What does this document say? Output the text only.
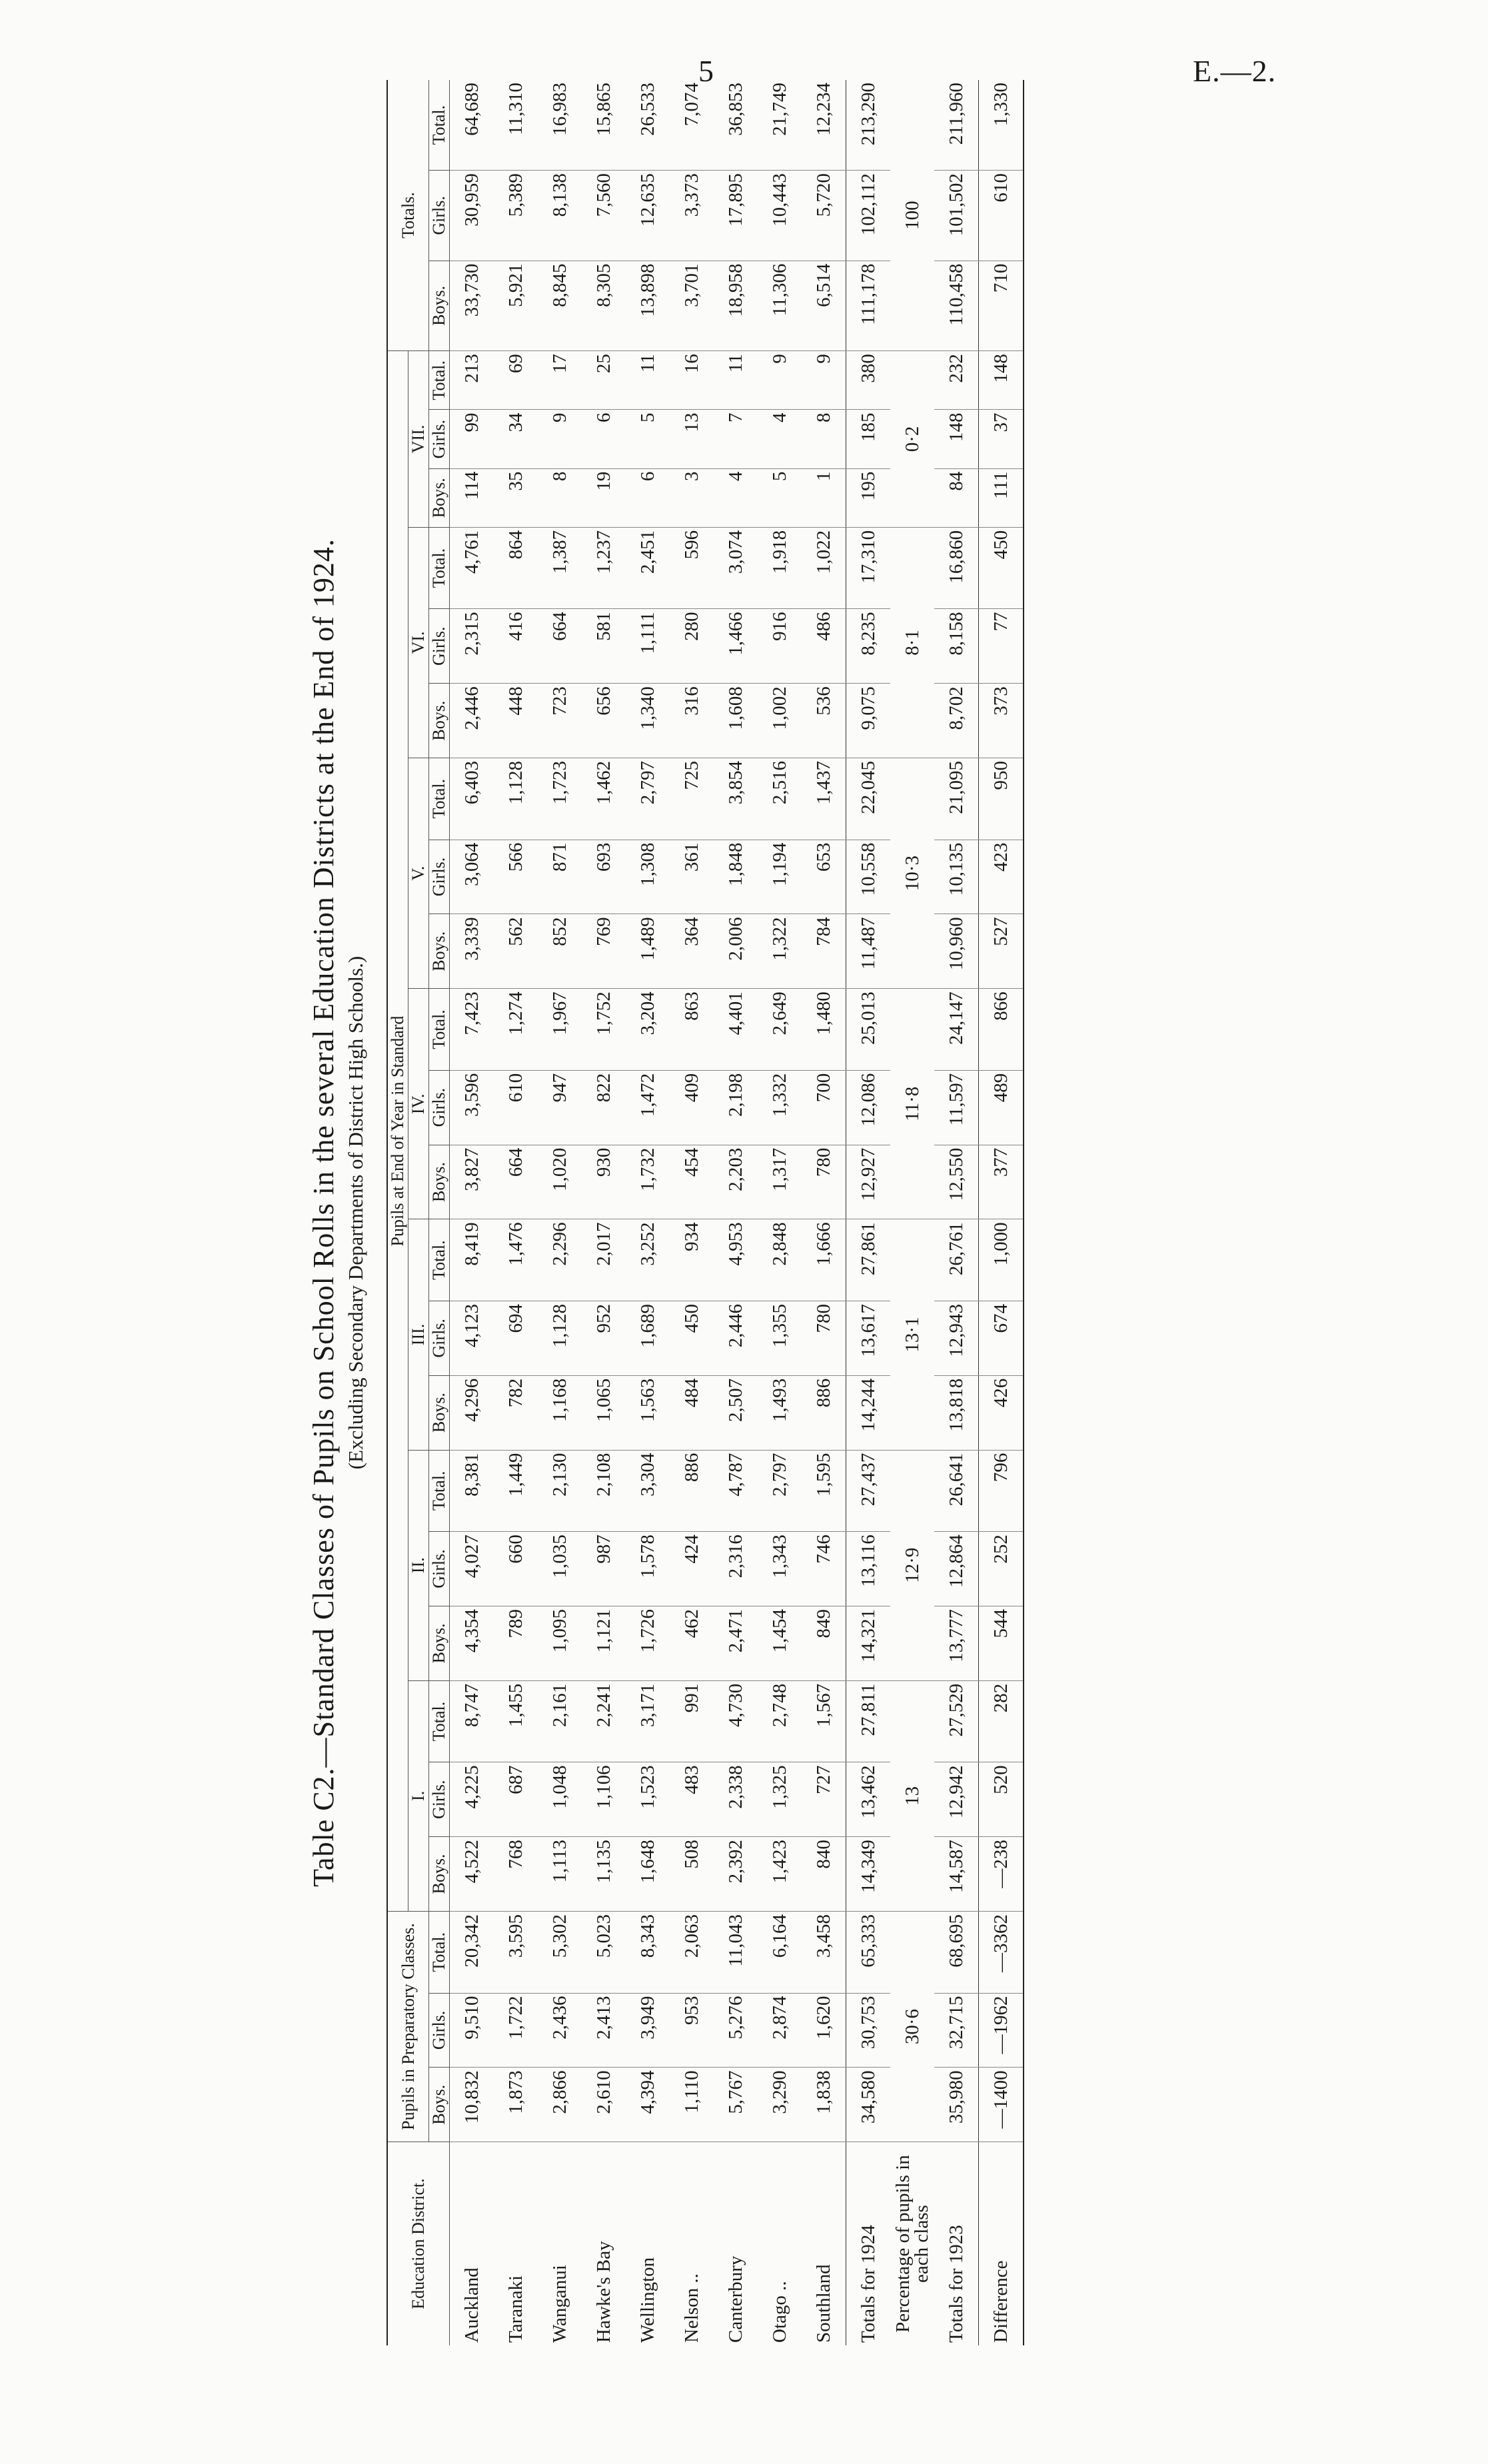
5	E.—2.
Table C2.—Standard Classes of Pupils on School Rolls in the several Education Districts at the End of 1924. (Excluding Secondary Departments of District High Schools.)
Education District.	Pupils in Preparatory Classes.			Pupils at End of Year in Standard																					Totals.		
				I.			II.			III.			IV.			V.			VI.			VII.					
	Boys.	Girls.	Total.	Boys.	Girls.	Total.	Boys.	Girls.	Total.	Boys.	Girls.	Total.	Boys.	Girls.	Total.	Boys.	Girls.	Total.	Boys.	Girls.	Total.	Boys.	Girls.	Total.	Boys.	Girls.	Total.
Auckland	10,832	9,510	20,342	4,522	4,225	8,747	4,354	4,027	8,381	4,296	4,123	8,419	3,827	3,596	7,423	3,339	3,064	6,403	2,446	2,315	4,761	114	99	213	33,730	30,959	64,689
Taranaki	1,873	1,722	3,595	768	687	1,455	789	660	1,449	782	694	1,476	664	610	1,274	562	566	1,128	448	416	864	35	34	69	5,921	5,389	11,310
Wanganui	2,866	2,436	5,302	1,113	1,048	2,161	1,095	1,035	2,130	1,168	1,128	2,296	1,020	947	1,967	852	871	1,723	723	664	1,387	8	9	17	8,845	8,138	16,983
Hawke's Bay	2,610	2,413	5,023	1,135	1,106	2,241	1,121	987	2,108	1,065	952	2,017	930	822	1,752	769	693	1,462	656	581	1,237	19	6	25	8,305	7,560	15,865
Wellington	4,394	3,949	8,343	1,648	1,523	3,171	1,726	1,578	3,304	1,563	1,689	3,252	1,732	1,472	3,204	1,489	1,308	2,797	1,340	1,111	2,451	6	5	11	13,898	12,635	26,533
Nelson ..	1,110	953	2,063	508	483	991	462	424	886	484	450	934	454	409	863	364	361	725	316	280	596	3	13	16	3,701	3,373	7,074
Canterbury	5,767	5,276	11,043	2,392	2,338	4,730	2,471	2,316	4,787	2,507	2,446	4,953	2,203	2,198	4,401	2,006	1,848	3,854	1,608	1,466	3,074	4	7	11	18,958	17,895	36,853
Otago ..	3,290	2,874	6,164	1,423	1,325	2,748	1,454	1,343	2,797	1,493	1,355	2,848	1,317	1,332	2,649	1,322	1,194	2,516	1,002	916	1,918	5	4	9	11,306	10,443	21,749
Southland	1,838	1,620	3,458	840	727	1,567	849	746	1,595	886	780	1,666	780	700	1,480	784	653	1,437	536	486	1,022	1	8	9	6,514	5,720	12,234
Totals for 1924	34,580	30,753	65,333	14,349	13,462	27,811	14,321	13,116	27,437	14,244	13,617	27,861	12,927	12,086	25,013	11,487	10,558	22,045	9,075	8,235	17,310	195	185	380	111,178	102,112	213,290
Percentage of pupils in each class	30·6			13			12·9			13·1			11·8			10·3			8·1			0·2			100		
Totals for 1923	35,980	32,715	68,695	14,587	12,942	27,529	13,777	12,864	26,641	13,818	12,943	26,761	12,550	11,597	24,147	10,960	10,135	21,095	8,702	8,158	16,860	84	148	232	110,458	101,502	211,960
Difference	—1400	—1962	—3362	—238	520	282	544	252	796	426	674	1,000	377	489	866	527	423	950	373	77	450	111	37	148	710	610	1,330
